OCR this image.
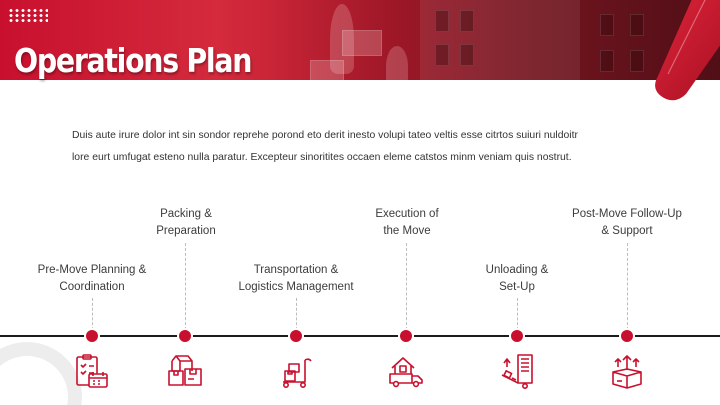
Operations Plan
Duis aute irure dolor int sin sondor reprehe porond eto derit inesto volupi tateo veltis esse citrtos suiuri nuldoitr
lore eurt umfugat esteno nulla paratur. Excepteur sinoritites occaen eleme catstos minm veniam quis nostrut.
Pre-Move Planning &
Coordination
Packing &
Preparation
Transportation &
Logistics Management
Execution of
the Move
Unloading &
Set-Up
Post-Move Follow-Up
& Support
